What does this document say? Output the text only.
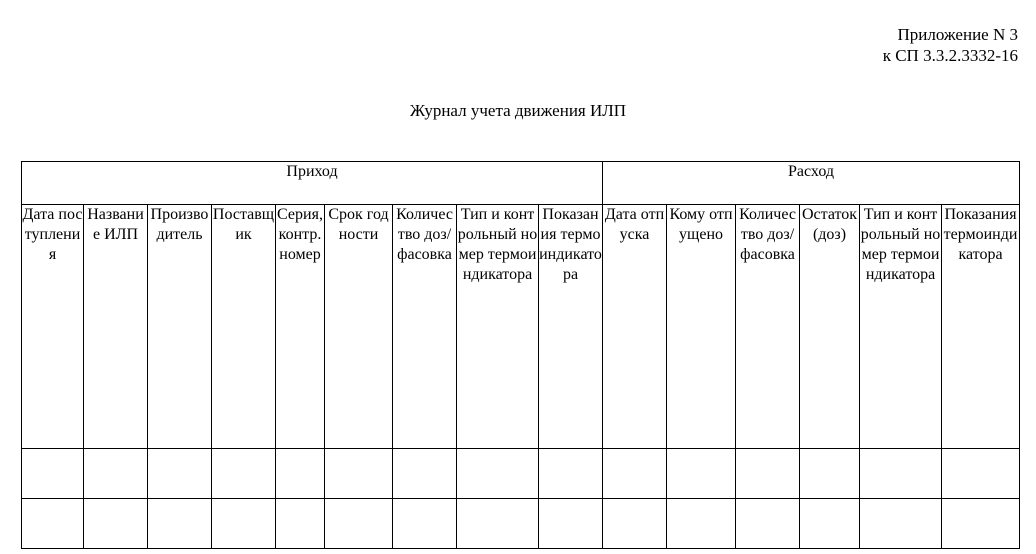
Приложение N 3
к СП 3.3.2.3332-16
Журнал учета движения ИЛП
Приход									Расход					

Дата поступления	Название ИЛП	Производитель	Поставщик	Серия, контр. номер	Срок годности	Количество доз/фасовка	Тип и контрольный номер термоиндикатора	Показания термоиндикатора	Дата отпуска	Кому отпущено	Количество доз/фасовка	Остаток (доз)	Тип и контрольный номер термоиндикатора	Показания термоиндикатора
